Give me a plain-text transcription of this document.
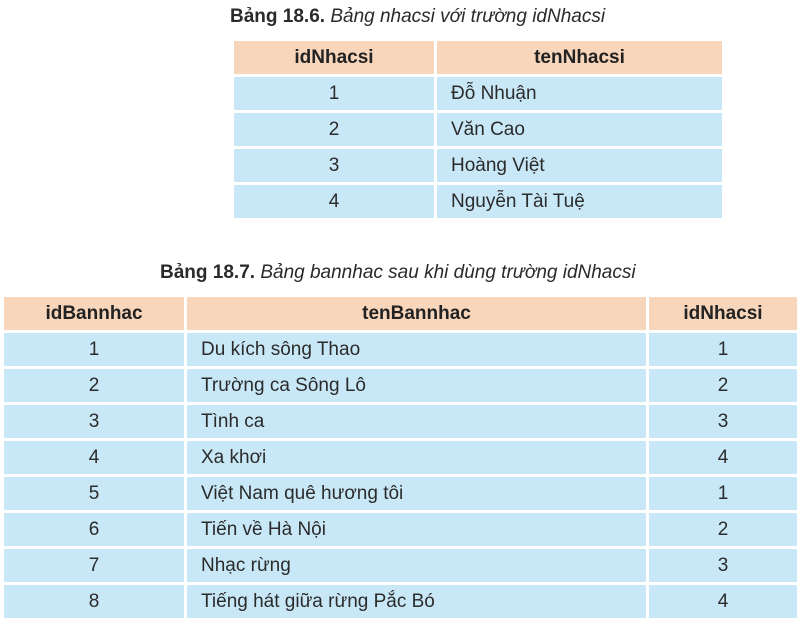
Bảng 18.6. Bảng nhacsi với trường idNhacsi
idNhacsi	tenNhacsi
1	Đỗ Nhuận
2	Văn Cao
3	Hoàng Việt
4	Nguyễn Tài Tuệ
Bảng 18.7. Bảng bannhac sau khi dùng trường idNhacsi
idBannhac	tenBannhac	idNhacsi
1	Du kích sông Thao	1
2	Trường ca Sông Lô	2
3	Tình ca	3
4	Xa khơi	4
5	Việt Nam quê hương tôi	1
6	Tiến về Hà Nội	2
7	Nhạc rừng	3
8	Tiếng hát giữa rừng Pắc Bó	4
